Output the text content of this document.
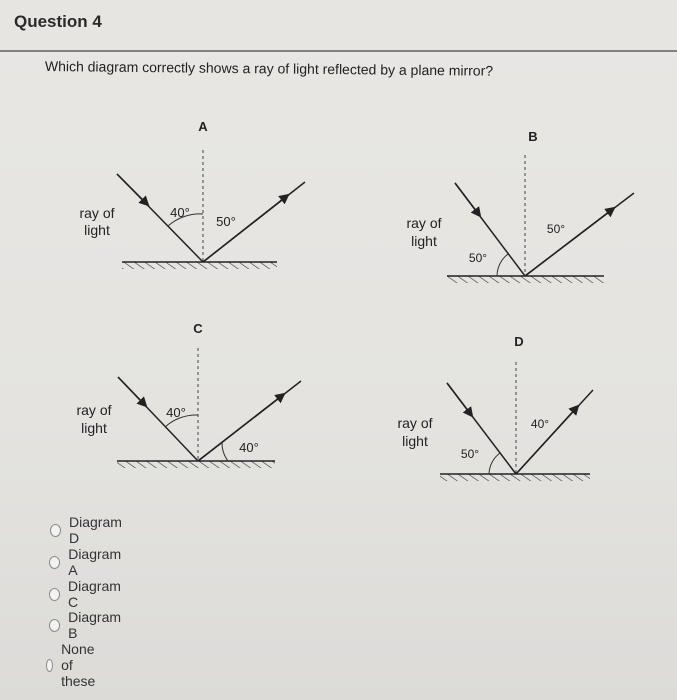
Question 4
Which diagram correctly shows a ray of light reflected by a plane mirror?
A
ray of
light
40°
50°
B
ray of
light
50°
50°
C
ray of
light
40°
40°
D
ray of
light
50°
40°
Diagram D
Diagram A
Diagram C
Diagram B
None of these
